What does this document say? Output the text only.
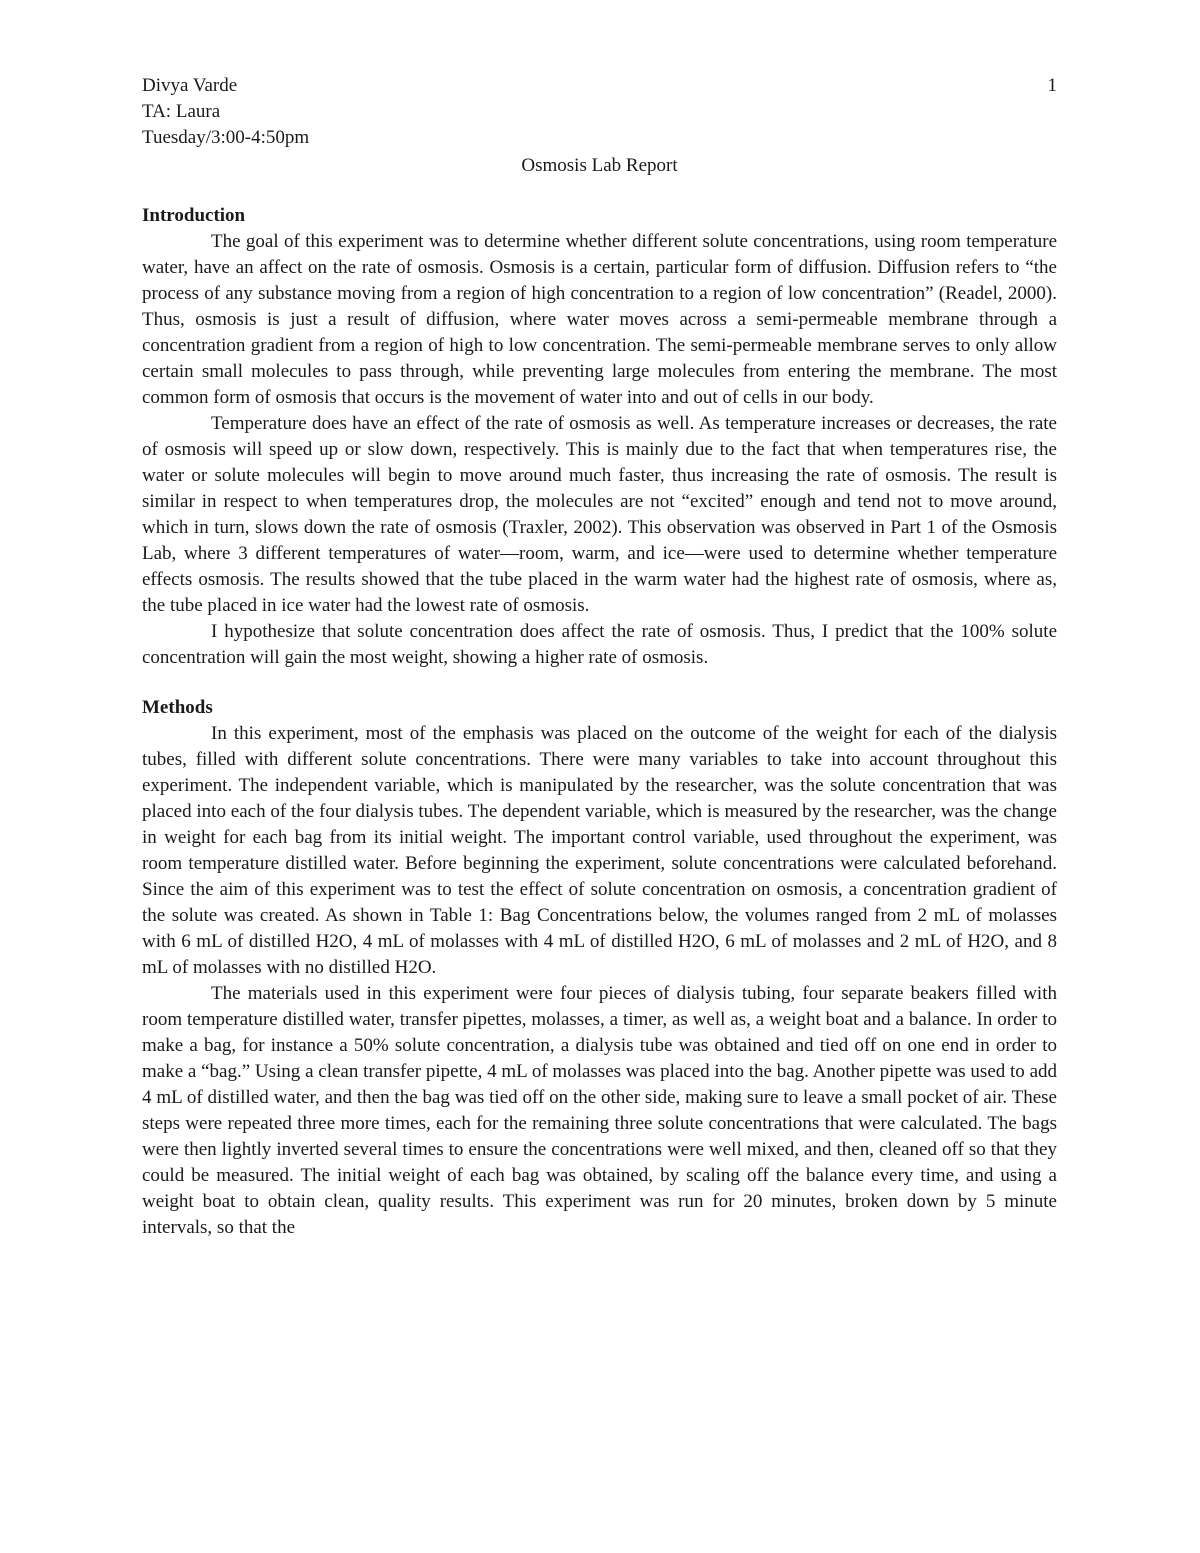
Divya Varde	1
TA: Laura
Tuesday/3:00-4:50pm
Osmosis Lab Report
Introduction

The goal of this experiment was to determine whether different solute concentrations, using room temperature water, have an affect on the rate of osmosis. Osmosis is a certain, particular form of diffusion. Diffusion refers to “the process of any substance moving from a region of high concentration to a region of low concentration” (Readel, 2000). Thus, osmosis is just a result of diffusion, where water moves across a semi-permeable membrane through a concentration gradient from a region of high to low concentration. The semi-permeable membrane serves to only allow certain small molecules to pass through, while preventing large molecules from entering the membrane. The most common form of osmosis that occurs is the movement of water into and out of cells in our body.

Temperature does have an effect of the rate of osmosis as well. As temperature increases or decreases, the rate of osmosis will speed up or slow down, respectively. This is mainly due to the fact that when temperatures rise, the water or solute molecules will begin to move around much faster, thus increasing the rate of osmosis. The result is similar in respect to when temperatures drop, the molecules are not “excited” enough and tend not to move around, which in turn, slows down the rate of osmosis (Traxler, 2002). This observation was observed in Part 1 of the Osmosis Lab, where 3 different temperatures of water—room, warm, and ice—were used to determine whether temperature effects osmosis. The results showed that the tube placed in the warm water had the highest rate of osmosis, where as, the tube placed in ice water had the lowest rate of osmosis.

I hypothesize that solute concentration does affect the rate of osmosis. Thus, I predict that the 100% solute concentration will gain the most weight, showing a higher rate of osmosis.

Methods

In this experiment, most of the emphasis was placed on the outcome of the weight for each of the dialysis tubes, filled with different solute concentrations. There were many variables to take into account throughout this experiment. The independent variable, which is manipulated by the researcher, was the solute concentration that was placed into each of the four dialysis tubes. The dependent variable, which is measured by the researcher, was the change in weight for each bag from its initial weight. The important control variable, used throughout the experiment, was room temperature distilled water. Before beginning the experiment, solute concentrations were calculated beforehand. Since the aim of this experiment was to test the effect of solute concentration on osmosis, a concentration gradient of the solute was created. As shown in Table 1: Bag Concentrations below, the volumes ranged from 2 mL of molasses with 6 mL of distilled H2O, 4 mL of molasses with 4 mL of distilled H2O, 6 mL of molasses and 2 mL of H2O, and 8 mL of molasses with no distilled H2O.

The materials used in this experiment were four pieces of dialysis tubing, four separate beakers filled with room temperature distilled water, transfer pipettes, molasses, a timer, as well as, a weight boat and a balance. In order to make a bag, for instance a 50% solute concentration, a dialysis tube was obtained and tied off on one end in order to make a “bag.” Using a clean transfer pipette, 4 mL of molasses was placed into the bag. Another pipette was used to add 4 mL of distilled water, and then the bag was tied off on the other side, making sure to leave a small pocket of air. These steps were repeated three more times, each for the remaining three solute concentrations that were calculated. The bags were then lightly inverted several times to ensure the concentrations were well mixed, and then, cleaned off so that they could be measured. The initial weight of each bag was obtained, by scaling off the balance every time, and using a weight boat to obtain clean, quality results. This experiment was run for 20 minutes, broken down by 5 minute intervals, so that the
